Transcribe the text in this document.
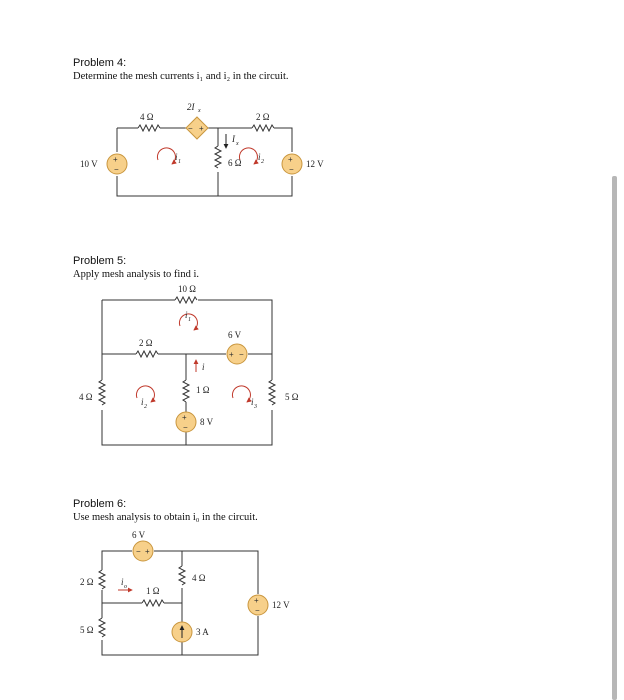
Problem 4:
Determine the mesh currents i₁ and i₂ in the circuit.
Problem 5:
Apply mesh analysis to find i.
Problem 6:
Use mesh analysis to obtain i₀ in the circuit.
4 Ω
2I x
2 Ω
10 V	12 V
6 Ω
I x
i 1	i 2
+
−
+
−
− +
10 Ω
2 Ω
6 V
1 Ω
4 Ω	5 Ω
8 V
i
i 1
i 2	i 3
+ −
+
−
6 V
2 Ω
1 Ω
4 Ω
12 V
5 Ω	3 A
i o
− +
+
−
